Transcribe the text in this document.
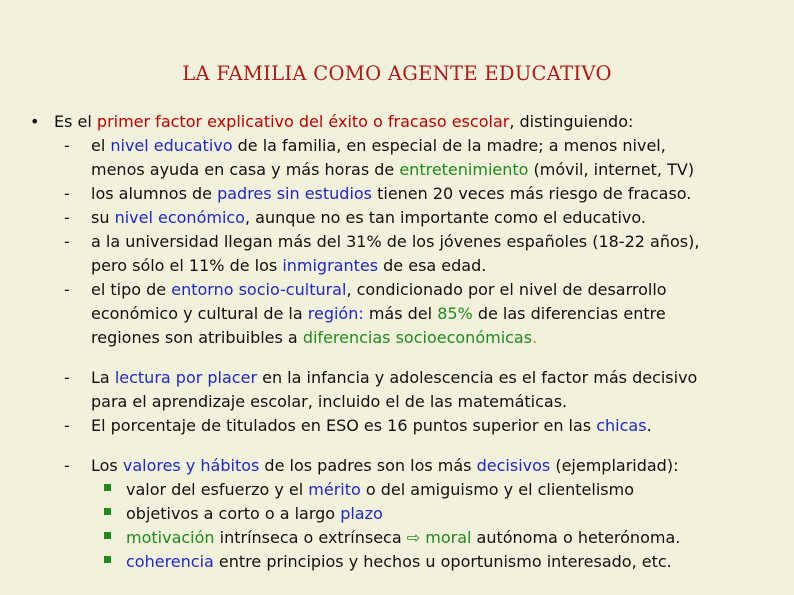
LA FAMILIA COMO AGENTE EDUCATIVO
• Es el primer factor explicativo del éxito o fracaso escolar, distinguiendo:
- el nivel educativo de la familia, en especial de la madre; a menos nivel,
menos ayuda en casa y más horas de entretenimiento (móvil, internet, TV)
- los alumnos de padres sin estudios tienen 20 veces más riesgo de fracaso.
- su nivel económico, aunque no es tan importante como el educativo.
- a la universidad llegan más del 31% de los jóvenes españoles (18-22 años),
pero sólo el 11% de los inmigrantes de esa edad.
- el tipo de entorno socio-cultural, condicionado por el nivel de desarrollo
económico y cultural de la región: más del 85% de las diferencias entre
regiones son atribuibles a diferencias socioeconómicas.
- La lectura por placer en la infancia y adolescencia es el factor más decisivo
para el aprendizaje escolar, incluido el de las matemáticas.
- El porcentaje de titulados en ESO es 16 puntos superior en las chicas.
- Los valores y hábitos de los padres son los más decisivos (ejemplaridad):
valor del esfuerzo y el mérito o del amiguismo y el clientelismo
objetivos a corto o a largo plazo
motivación intrínseca o extrínseca ⇨ moral autónoma o heterónoma.
coherencia entre principios y hechos u oportunismo interesado, etc.
